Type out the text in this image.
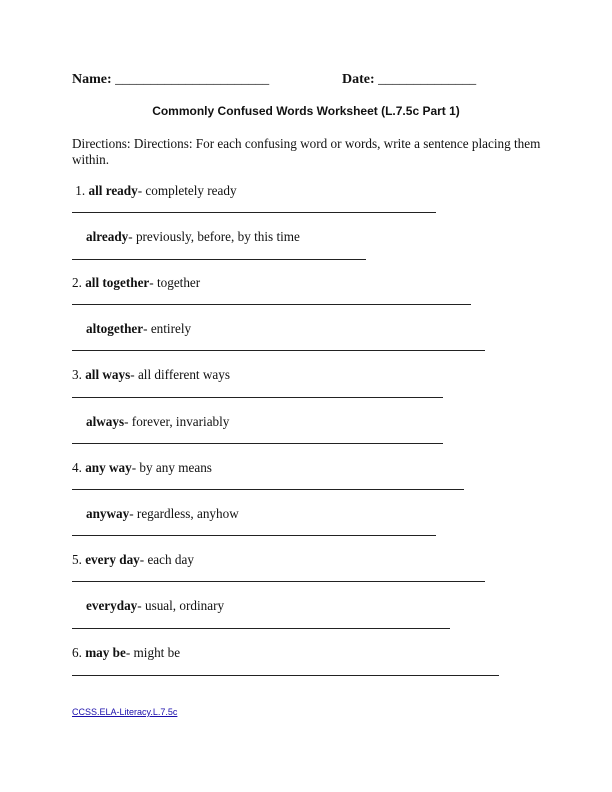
Name: ______________________	Date: ______________
Commonly Confused Words Worksheet (L.7.5c Part 1)
Directions: Directions: For each confusing word or words, write a sentence placing them within.
1. all ready- completely ready
already- previously, before, by this time
2. all together- together
altogether- entirely
3. all ways- all different ways
always- forever, invariably
4. any way- by any means
anyway- regardless, anyhow
5. every day- each day
everyday- usual, ordinary
6. may be- might be
CCSS.ELA-Literacy.L.7.5c
